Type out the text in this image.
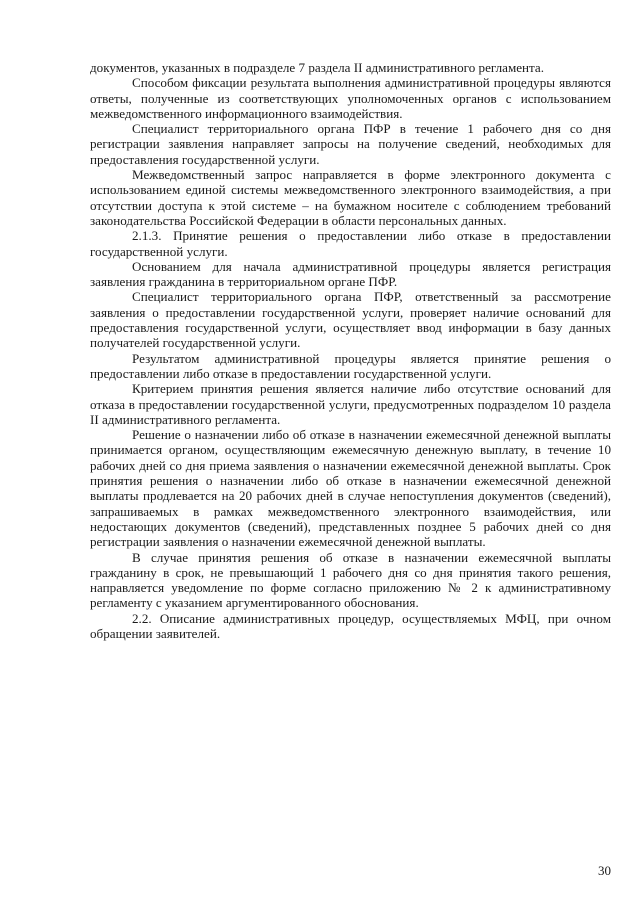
документов, указанных в подразделе 7 раздела II административного регламента.

Способом фиксации результата выполнения административной процедуры являются ответы, полученные из соответствующих уполномоченных органов с использованием межведомственного информационного взаимодействия.

Специалист территориального органа ПФР в течение 1 рабочего дня со дня регистрации заявления направляет запросы на получение сведений, необходимых для предоставления государственной услуги.

Межведомственный запрос направляется в форме электронного документа с использованием единой системы межведомственного электронного взаимодействия, а при отсутствии доступа к этой системе – на бумажном носителе с соблюдением требований законодательства Российской Федерации в области персональных данных.

2.1.3. Принятие решения о предоставлении либо отказе в предоставлении государственной услуги.

Основанием для начала административной процедуры является регистрация заявления гражданина в территориальном органе ПФР.

Специалист территориального органа ПФР, ответственный за рассмотрение заявления о предоставлении государственной услуги, проверяет наличие оснований для предоставления государственной услуги, осуществляет ввод информации в базу данных получателей государственной услуги.

Результатом административной процедуры является принятие решения о предоставлении либо отказе в предоставлении государственной услуги.

Критерием принятия решения является наличие либо отсутствие оснований для отказа в предоставлении государственной услуги, предусмотренных подразделом 10 раздела II административного регламента.

Решение о назначении либо об отказе в назначении ежемесячной денежной выплаты принимается органом, осуществляющим ежемесячную денежную выплату, в течение 10 рабочих дней со дня приема заявления о назначении ежемесячной денежной выплаты. Срок принятия решения о назначении либо об отказе в назначении ежемесячной денежной выплаты продлевается на 20 рабочих дней в случае непоступления документов (сведений), запрашиваемых в рамках межведомственного электронного взаимодействия, или недостающих документов (сведений), представленных позднее 5 рабочих дней со дня регистрации заявления о назначении ежемесячной денежной выплаты.

В случае принятия решения об отказе в назначении ежемесячной выплаты гражданину в срок, не превышающий 1 рабочего дня со дня принятия такого решения, направляется уведомление по форме согласно приложению № 2 к административному регламенту с указанием аргументированного обоснования.

2.2. Описание административных процедур, осуществляемых МФЦ, при очном обращении заявителей.

30
